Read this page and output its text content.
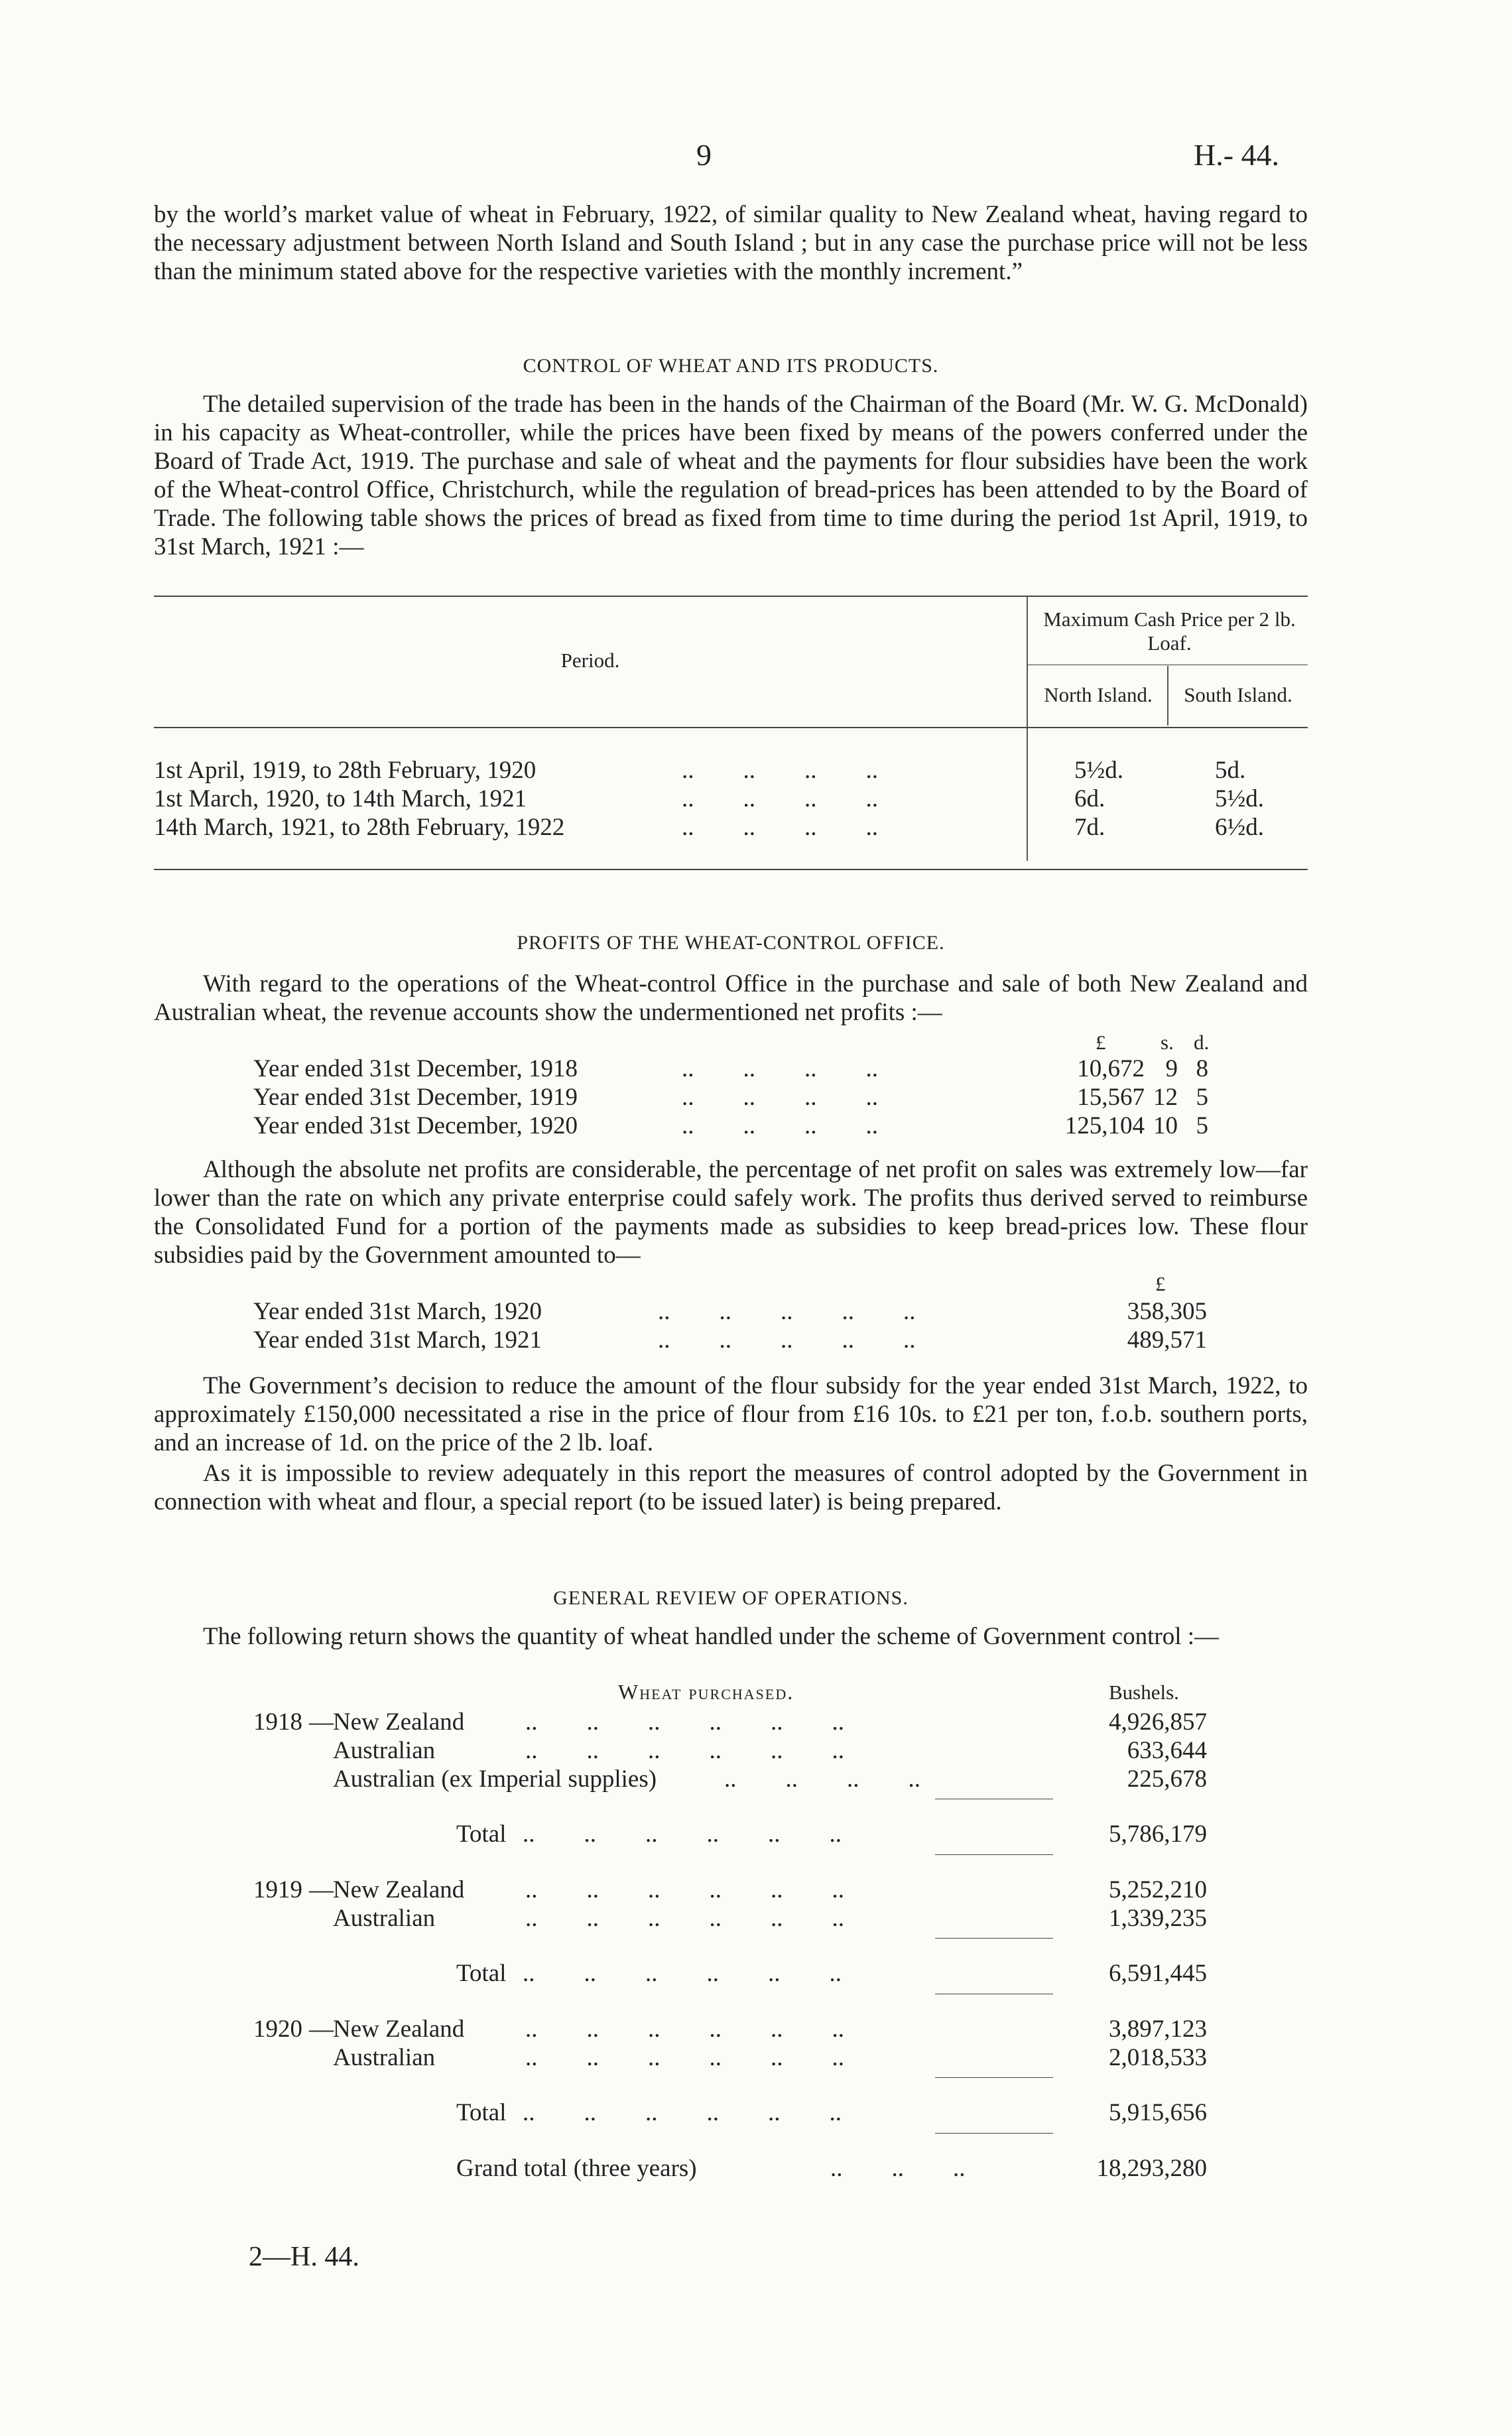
9	H.- 44.
by the world’s market value of wheat in February, 1922, of similar quality to New Zealand wheat, having regard to the necessary adjustment between North Island and South Island ; but in any case the purchase price will not be less than the minimum stated above for the respective varieties with the monthly increment.”
CONTROL OF WHEAT AND ITS PRODUCTS.
The detailed supervision of the trade has been in the hands of the Chairman of the Board (Mr. W. G. McDonald) in his capacity as Wheat-controller, while the prices have been fixed by means of the powers conferred under the Board of Trade Act, 1919. The purchase and sale of wheat and the payments for flour subsidies have been the work of the Wheat-control Office, Christchurch, while the regulation of bread-prices has been attended to by the Board of Trade. The following table shows the prices of bread as fixed from time to time during the period 1st April, 1919, to 31st March, 1921 :—
Maximum Cash Price per 2 lb. Loaf.
Period.
North Island.	South Island.
1st April, 1919, to 28th February, 1920	..        ..        ..        ..	5½d.	5d.
1st March, 1920, to 14th March, 1921	..        ..        ..        ..	6d.	5½d.
14th March, 1921, to 28th February, 1922	..        ..        ..        ..	7d.	6½d.
PROFITS OF THE WHEAT-CONTROL OFFICE.
With regard to the operations of the Wheat-control Office in the purchase and sale of both New Zealand and Australian wheat, the revenue accounts show the undermentioned net profits :—
£	s. d.
Year ended 31st December, 1918	..        ..        ..        ..	10,672 9 8
Year ended 31st December, 1919	..        ..        ..        ..	15,567 12 5
Year ended 31st December, 1920	..        ..        ..        ..	125,104 10 5
Although the absolute net profits are considerable, the percentage of net profit on sales was extremely low—far lower than the rate on which any private enterprise could safely work. The profits thus derived served to reimburse the Consolidated Fund for a portion of the payments made as subsidies to keep bread-prices low. These flour subsidies paid by the Government amounted to—
£
Year ended 31st March, 1920	..        ..        ..        ..        ..	358,305
Year ended 31st March, 1921	..        ..        ..        ..        ..	489,571
The Government’s decision to reduce the amount of the flour subsidy for the year ended 31st March, 1922, to approximately £150,000 necessitated a rise in the price of flour from £16 10s. to £21 per ton, f.o.b. southern ports, and an increase of 1d. on the price of the 2 lb. loaf.
As it is impossible to review adequately in this report the measures of control adopted by the Government in connection with wheat and flour, a special report (to be issued later) is being prepared.
GENERAL REVIEW OF OPERATIONS.
The following return shows the quantity of wheat handled under the scheme of Government control :—
Wheat purchased.	Bushels.
1918 — New Zealand ..        ..        ..        ..        ..        ..	4,926,857
Australian	..        ..        ..        ..        ..        ..	633,644
Australian (ex Imperial supplies)	..        ..        ..        ..	225,678
Total ..        ..        ..        ..        ..        ..	5,786,179
1919 — New Zealand ..        ..        ..        ..        ..        ..	5,252,210
Australian	..        ..        ..        ..        ..        ..	1,339,235
Total ..        ..        ..        ..        ..        ..	6,591,445
1920 — New Zealand ..        ..        ..        ..        ..        ..	3,897,123
Australian	..        ..        ..        ..        ..        ..	2,018,533
Total ..        ..        ..        ..        ..        ..	5,915,656
Grand total (three years)	..        ..        ..	18,293,280
2—H. 44.
